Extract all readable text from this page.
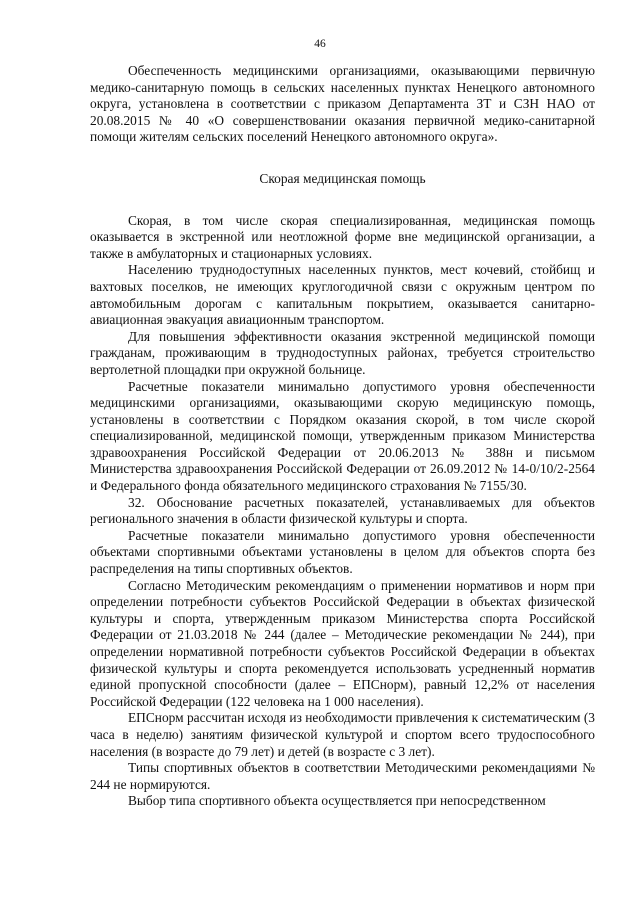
46

Обеспеченность медицинскими организациями, оказывающими первичную медико-санитарную помощь в сельских населенных пунктах Ненецкого автономного округа, установлена в соответствии с приказом Департамента ЗТ и СЗН НАО от 20.08.2015 № 40 «О совершенствовании оказания первичной медико-санитарной помощи жителям сельских поселений Ненецкого автономного округа».

Скорая медицинская помощь

Скорая, в том числе скорая специализированная, медицинская помощь оказывается в экстренной или неотложной форме вне медицинской организации, а также в амбулаторных и стационарных условиях.

Населению труднодоступных населенных пунктов, мест кочевий, стойбищ и вахтовых поселков, не имеющих круглогодичной связи с окружным центром по автомобильным дорогам с капитальным покрытием, оказывается санитарно-авиационная эвакуация авиационным транспортом.

Для повышения эффективности оказания экстренной медицинской помощи гражданам, проживающим в труднодоступных районах, требуется строительство вертолетной площадки при окружной больнице.

Расчетные показатели минимально допустимого уровня обеспеченности медицинскими организациями, оказывающими скорую медицинскую помощь, установлены в соответствии с Порядком оказания скорой, в том числе скорой специализированной, медицинской помощи, утвержденным приказом Министерства здравоохранения Российской Федерации от 20.06.2013 № 388н и письмом Министерства здравоохранения Российской Федерации от 26.09.2012 № 14-0/10/2-2564 и Федерального фонда обязательного медицинского страхования № 7155/30.

32. Обоснование расчетных показателей, устанавливаемых для объектов регионального значения в области физической культуры и спорта.

Расчетные показатели минимально допустимого уровня обеспеченности объектами спортивными объектами установлены в целом для объектов спорта без распределения на типы спортивных объектов.

Согласно Методическим рекомендациям о применении нормативов и норм при определении потребности субъектов Российской Федерации в объектах физической культуры и спорта, утвержденным приказом Министерства спорта Российской Федерации от 21.03.2018 № 244 (далее – Методические рекомендации № 244), при определении нормативной потребности субъектов Российской Федерации в объектах физической культуры и спорта рекомендуется использовать усредненный норматив единой пропускной способности (далее – ЕПСнорм), равный 12,2% от населения Российской Федерации (122 человека на 1 000 населения).

ЕПСнорм рассчитан исходя из необходимости привлечения к систематическим (3 часа в неделю) занятиям физической культурой и спортом всего трудоспособного населения (в возрасте до 79 лет) и детей (в возрасте с 3 лет).

Типы спортивных объектов в соответствии Методическими рекомендациями № 244 не нормируются.

Выбор типа спортивного объекта осуществляется при непосредственном
